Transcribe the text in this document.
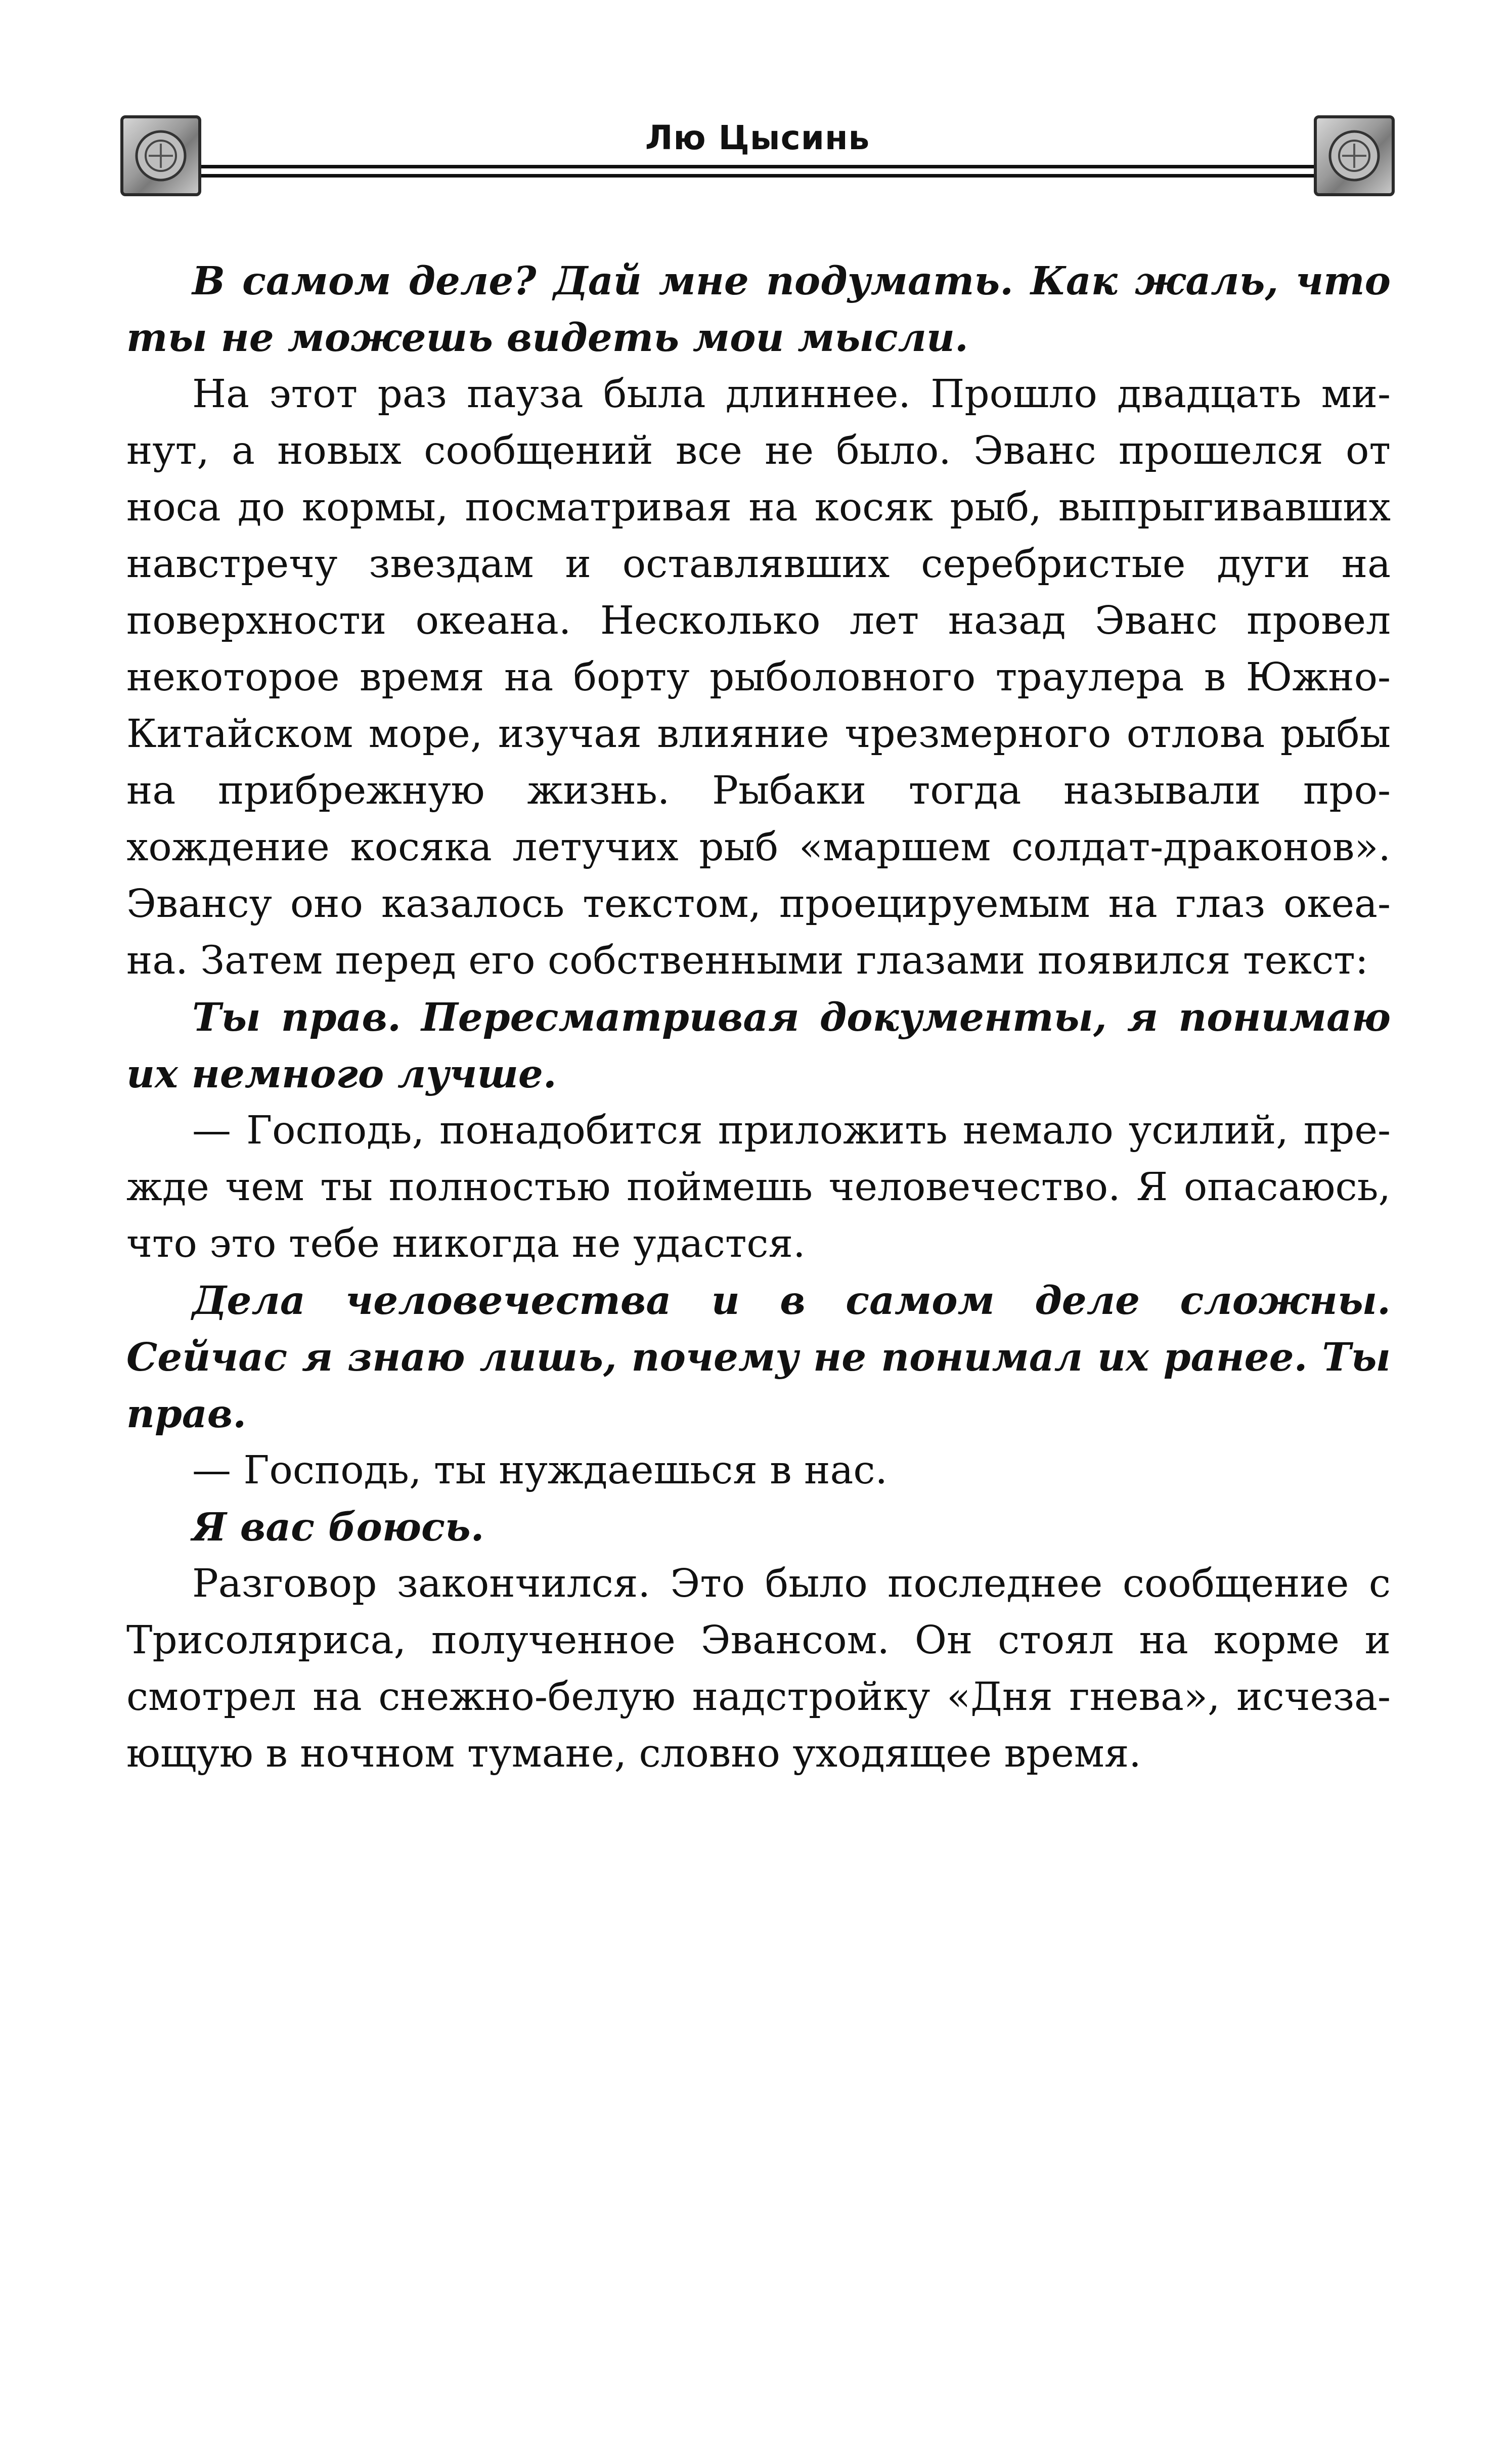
Лю Цысинь

В самом деле? Дай мне подумать. Как жаль, что ты не можешь видеть мои мысли.

На этот раз пауза была длиннее. Прошло двадцать минут, а новых сообщений все не было. Эванс прошелся от носа до кормы, посматривая на косяк рыб, выпрыгивавших навстречу звездам и оставлявших серебристые дуги на поверхности океана. Несколько лет назад Эванс провел некоторое время на борту рыболовного траулера в Южно-Китайском море, изучая влияние чрезмерного отлова рыбы на прибрежную жизнь. Рыбаки тогда называли прохождение косяка летучих рыб «маршем солдат-драконов». Эвансу оно казалось текстом, проецируемым на глаз океана. Затем перед его собственными глазами появился текст:

Ты прав. Пересматривая документы, я понимаю их немного лучше.

— Господь, понадобится приложить немало усилий, прежде чем ты полностью поймешь человечество. Я опасаюсь, что это тебе никогда не удастся.

Дела человечества и в самом деле сложны. Сейчас я знаю лишь, почему не понимал их ранее. Ты прав.

— Господь, ты нуждаешься в нас.

Я вас боюсь.

Разговор закончился. Это было последнее сообщение с Трисоляриса, полученное Эвансом. Он стоял на корме и смотрел на снежно-белую надстройку «Дня гнева», исчезающую в ночном тумане, словно уходящее время.
